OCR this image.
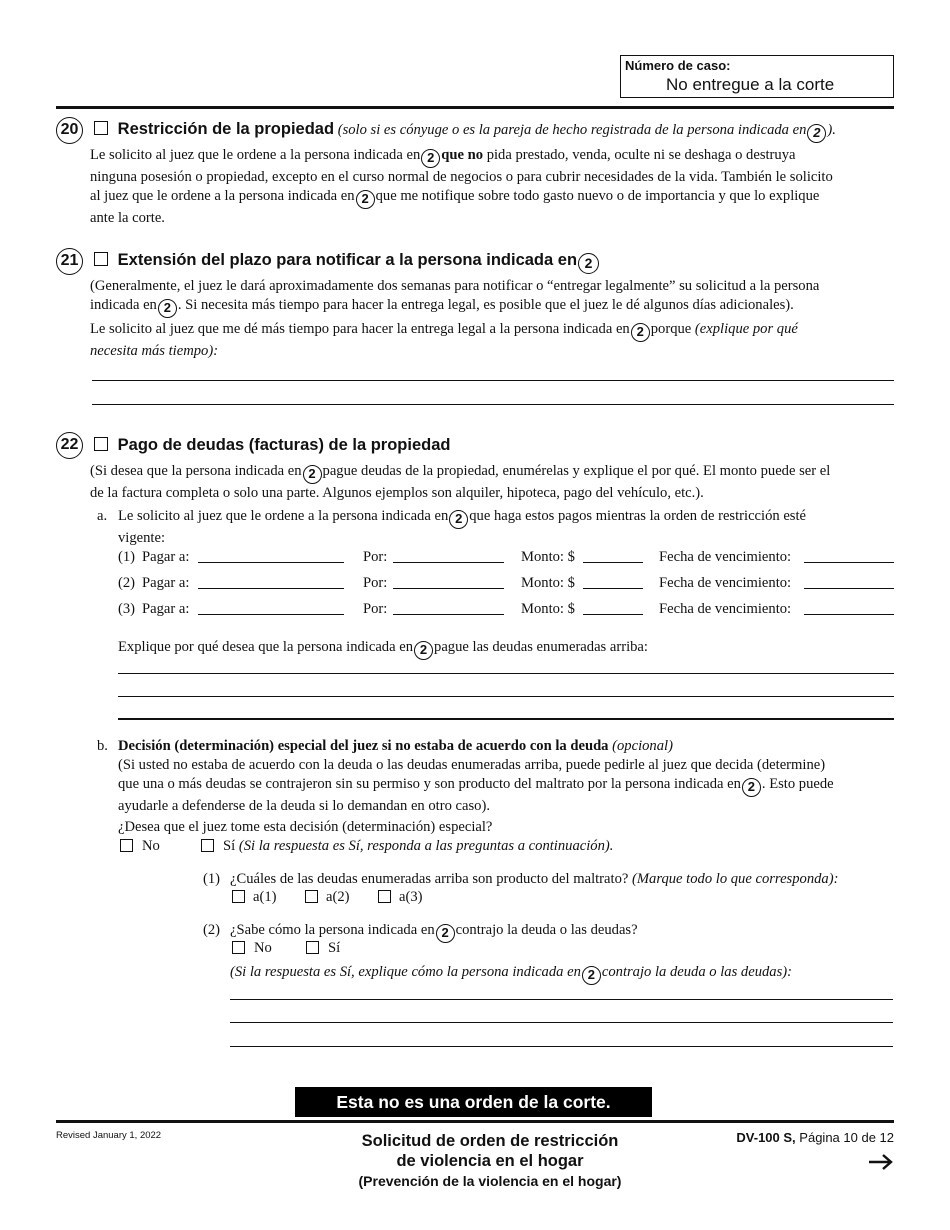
Número de caso:
No entregue a la corte
20	Restricción de la propiedad (solo si es cónyuge o es la pareja de hecho registrada de la persona indicada en 2 ).
Le solicito al juez que le ordene a la persona indicada en 2 que no pida prestado, venda, oculte ni se deshaga o destruya
ninguna posesión o propiedad, excepto en el curso normal de negocios o para cubrir necesidades de la vida. También le solicito
al juez que le ordene a la persona indicada en 2 que me notifique sobre todo gasto nuevo o de importancia y que lo explique
ante la corte.
21	Extensión del plazo para notificar a la persona indicada en 2
(Generalmente, el juez le dará aproximadamente dos semanas para notificar o “entregar legalmente” su solicitud a la persona
indicada en 2 . Si necesita más tiempo para hacer la entrega legal, es posible que el juez le dé algunos días adicionales).
Le solicito al juez que me dé más tiempo para hacer la entrega legal a la persona indicada en 2 porque (explique por qué
necesita más tiempo):
22	Pago de deudas (facturas) de la propiedad
(Si desea que la persona indicada en 2 pague deudas de la propiedad, enumérelas y explique el por qué. El monto puede ser el
de la factura completa o solo una parte. Algunos ejemplos son alquiler, hipoteca, pago del vehículo, etc.).
a. Le solicito al juez que le ordene a la persona indicada en 2 que haga estos pagos mientras la orden de restricción esté
vigente:
(1) Pagar a:	Por:	Monto: $	Fecha de vencimiento:
(2) Pagar a:	Por:	Monto: $	Fecha de vencimiento:
(3) Pagar a:	Por:	Monto: $	Fecha de vencimiento:
Explique por qué desea que la persona indicada en 2 pague las deudas enumeradas arriba:
b. Decisión (determinación) especial del juez si no estaba de acuerdo con la deuda (opcional)
(Si usted no estaba de acuerdo con la deuda o las deudas enumeradas arriba, puede pedirle al juez que decida (determine)
que una o más deudas se contrajeron sin su permiso y son producto del maltrato por la persona indicada en 2 . Esto puede
ayudarle a defenderse de la deuda si lo demandan en otro caso).
¿Desea que el juez tome esta decisión (determinación) especial?
No	Sí (Si la respuesta es Sí, responda a las preguntas a continuación).
(1) ¿Cuáles de las deudas enumeradas arriba son producto del maltrato? (Marque todo lo que corresponda):
a(1)	a(2)	a(3)
(2) ¿Sabe cómo la persona indicada en 2 contrajo la deuda o las deudas?
No	Sí
(Si la respuesta es Sí, explique cómo la persona indicada en 2 contrajo la deuda o las deudas):
Esta no es una orden de la corte.
Revised January 1, 2022	Solicitud de orden de restricción
de violencia en el hogar
(Prevención de la violencia en el hogar)
DV-100 S, Página 10 de 12
